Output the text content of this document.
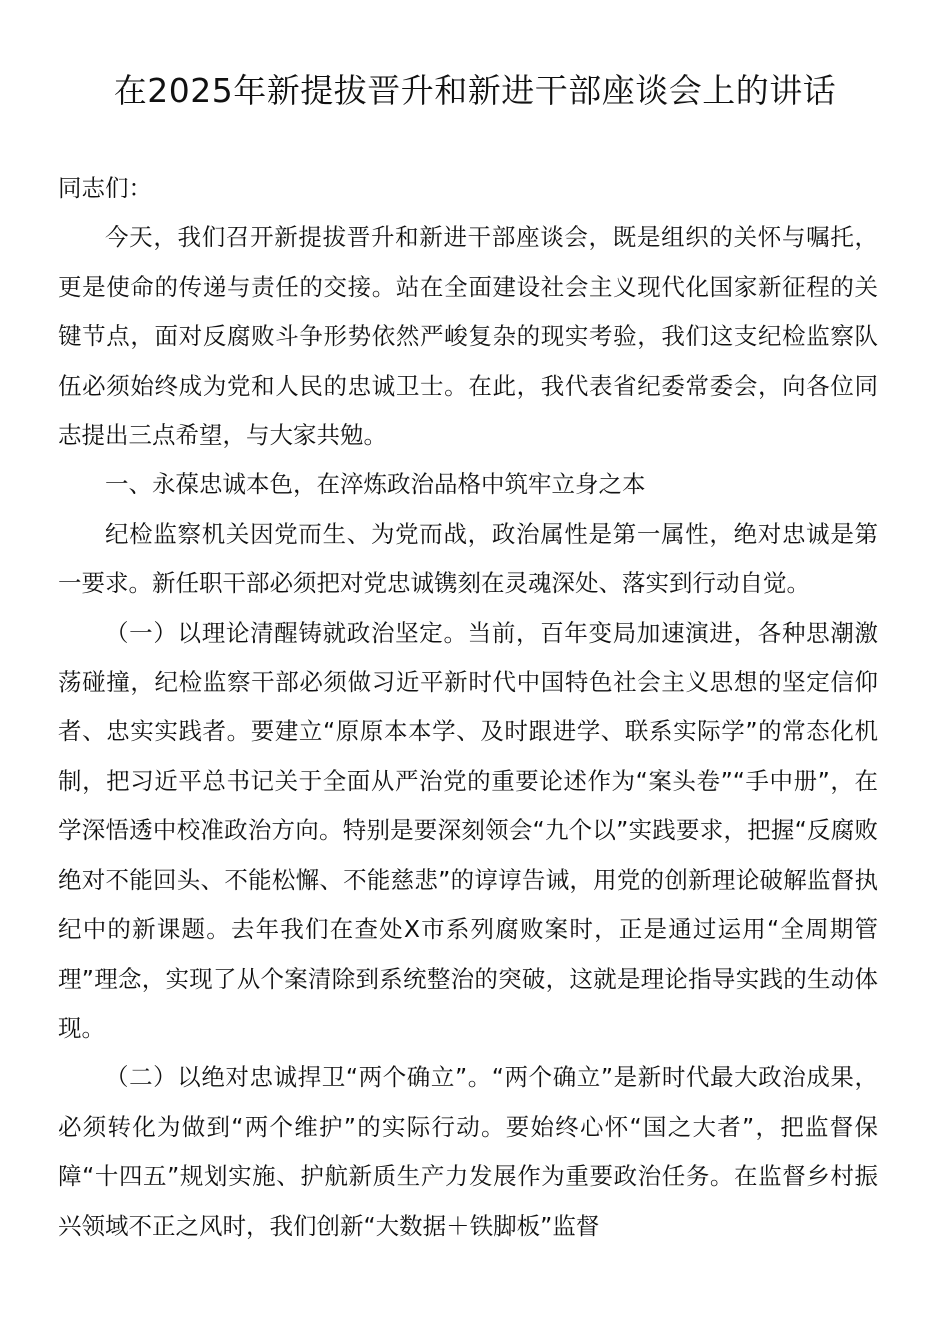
在2025年新提拔晋升和新进干部座谈会上的讲话

同志们：

今天，我们召开新提拔晋升和新进干部座谈会，既是组织的关怀与嘱托，更是使命的传递与责任的交接。站在全面建设社会主义现代化国家新征程的关键节点，面对反腐败斗争形势依然严峻复杂的现实考验，我们这支纪检监察队伍必须始终成为党和人民的忠诚卫士。在此，我代表省纪委常委会，向各位同志提出三点希望，与大家共勉。

一、永葆忠诚本色，在淬炼政治品格中筑牢立身之本

纪检监察机关因党而生、为党而战，政治属性是第一属性，绝对忠诚是第一要求。新任职干部必须把对党忠诚镌刻在灵魂深处、落实到行动自觉。

（一）以理论清醒铸就政治坚定。当前，百年变局加速演进，各种思潮激荡碰撞，纪检监察干部必须做习近平新时代中国特色社会主义思想的坚定信仰者、忠实实践者。要建立“原原本本学、及时跟进学、联系实际学”的常态化机制，把习近平总书记关于全面从严治党的重要论述作为“案头卷”“手中册”，在学深悟透中校准政治方向。特别是要深刻领会“九个以”实践要求，把握“反腐败绝对不能回头、不能松懈、不能慈悲”的谆谆告诫，用党的创新理论破解监督执纪中的新课题。去年我们在查处X市系列腐败案时，正是通过运用“全周期管理”理念，实现了从个案清除到系统整治的突破，这就是理论指导实践的生动体现。

（二）以绝对忠诚捍卫“两个确立”。“两个确立”是新时代最大政治成果，必须转化为做到“两个维护”的实际行动。要始终心怀“国之大者”，把监督保障“十四五”规划实施、护航新质生产力发展作为重要政治任务。在监督乡村振兴领域不正之风时，我们创新“大数据＋铁脚板”监督
